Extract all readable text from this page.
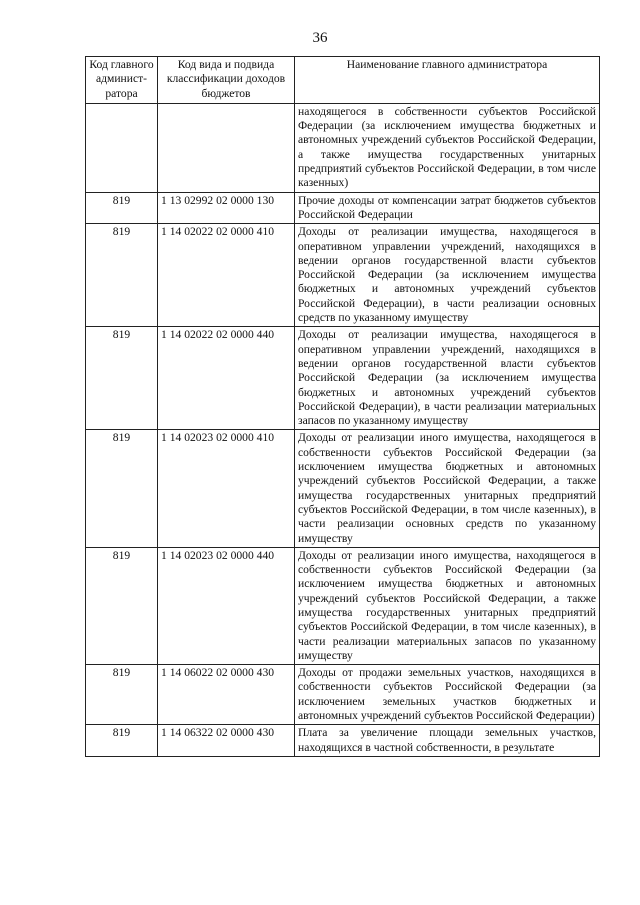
36
Код главного админист-ратора	Код вида и подвида классификации доходов бюджетов	Наименование главного администратора
		находящегося в собственности субъектов Российской Федерации (за исключением имущества бюджетных и автономных учреждений субъектов Российской Федерации, а также имущества государственных унитарных предприятий субъектов Российской Федерации, в том числе казенных)
819	1 13 02992 02 0000 130	Прочие доходы от компенсации затрат бюджетов субъектов Российской Федерации
819	1 14 02022 02 0000 410	Доходы от реализации имущества, находящегося в оперативном управлении учреждений, находящихся в ведении органов государственной власти субъектов Российской Федерации (за исключением имущества бюджетных и автономных учреждений субъектов Российской Федерации), в части реализации основных средств по указанному имуществу
819	1 14 02022 02 0000 440	Доходы от реализации имущества, находящегося в оперативном управлении учреждений, находящихся в ведении органов государственной власти субъектов Российской Федерации (за исключением имущества бюджетных и автономных учреждений субъектов Российской Федерации), в части реализации материальных запасов по указанному имуществу
819	1 14 02023 02 0000 410	Доходы от реализации иного имущества, находящегося в собственности субъектов Российской Федерации (за исключением имущества бюджетных и автономных учреждений субъектов Российской Федерации, а также имущества государственных унитарных предприятий субъектов Российской Федерации, в том числе казенных), в части реализации основных средств по указанному имуществу
819	1 14 02023 02 0000 440	Доходы от реализации иного имущества, находящегося в собственности субъектов Российской Федерации (за исключением имущества бюджетных и автономных учреждений субъектов Российской Федерации, а также имущества государственных унитарных предприятий субъектов Российской Федерации, в том числе казенных), в части реализации материальных запасов по указанному имуществу
819	1 14 06022 02 0000 430	Доходы от продажи земельных участков, находящихся в собственности субъектов Российской Федерации (за исключением земельных участков бюджетных и автономных учреждений субъектов Российской Федерации)
819	1 14 06322 02 0000 430	Плата за увеличение площади земельных участков, находящихся в частной собственности, в результате
